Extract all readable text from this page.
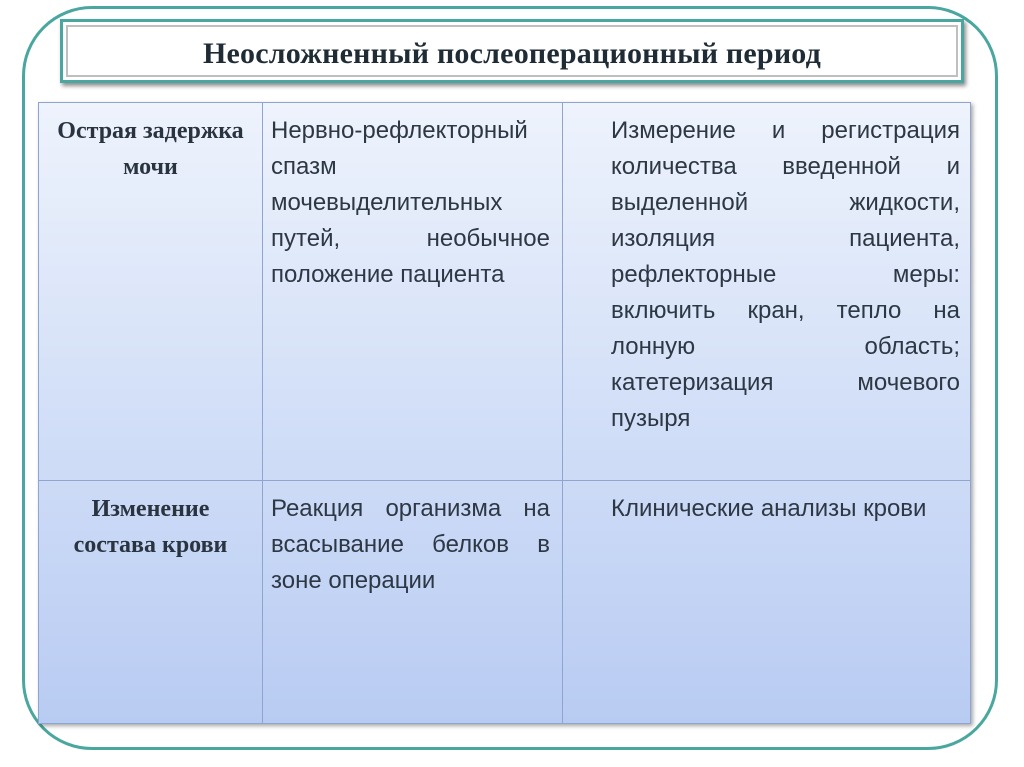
Неосложненный послеоперационный период
Острая задержка мочи	Нервно-рефлекторный спазм мочевыделительных путей, необычное положение пациента	Измерение и регистрация количества введенной и выделенной жидкости, изоляция пациента, рефлекторные меры: включить кран, тепло на лонную область; катетеризация мочевого пузыря

Изменение состава крови	Реакция организма на всасывание белков в зоне операции	Клинические анализы крови
